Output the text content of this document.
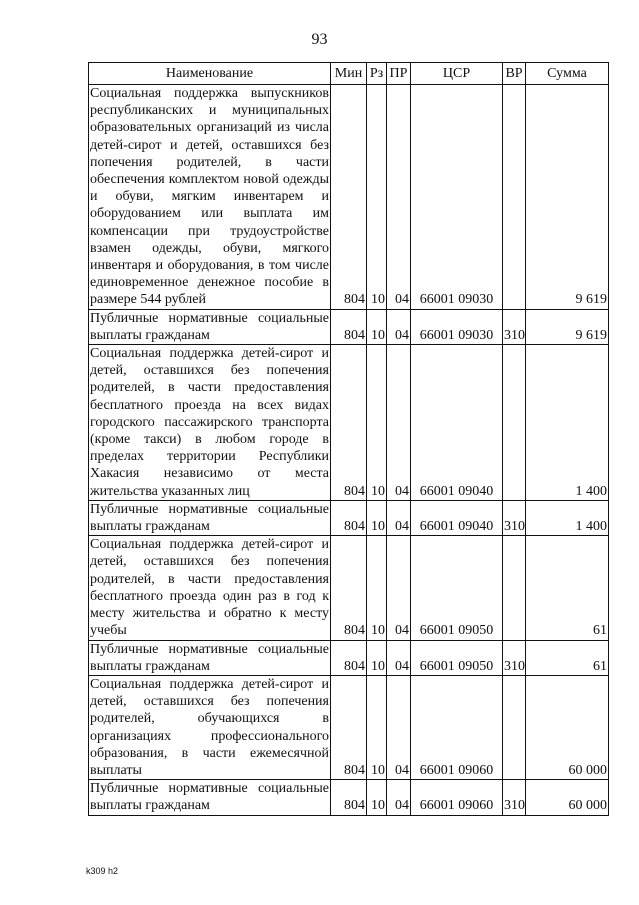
93
Наименование	Мин	Рз	ПР	ЦСР	ВР	Сумма
Социальная поддержка выпускников республиканских и муниципальных образовательных организаций из числа детей-сирот и детей, оставшихся без попечения родителей, в части обеспечения комплектом новой одежды и обуви, мягким инвентарем и оборудованием или выплата им компенсации при трудоустройстве взамен одежды, обуви, мягкого инвентаря и оборудования, в том числе единовременное денежное пособие в размере 544 рублей	804	10	04	66001 09030		9 619
Публичные нормативные социальные выплаты гражданам	804	10	04	66001 09030	310	9 619
Социальная поддержка детей-сирот и детей, оставшихся без попечения родителей, в части предоставления бесплатного проезда на всех видах городского пассажирского транспорта (кроме такси) в любом городе в пределах территории Республики Хакасия независимо от места жительства указанных лиц	804	10	04	66001 09040		1 400
Публичные нормативные социальные выплаты гражданам	804	10	04	66001 09040	310	1 400
Социальная поддержка детей-сирот и детей, оставшихся без попечения родителей, в части предоставления бесплатного проезда один раз в год к месту жительства и обратно к месту учебы	804	10	04	66001 09050		61
Публичные нормативные социальные выплаты гражданам	804	10	04	66001 09050	310	61
Социальная поддержка детей-сирот и детей, оставшихся без попечения родителей, обучающихся в организациях профессионального образования, в части ежемесячной выплаты	804	10	04	66001 09060		60 000
Публичные нормативные социальные выплаты гражданам	804	10	04	66001 09060	310	60 000
k309 h2
